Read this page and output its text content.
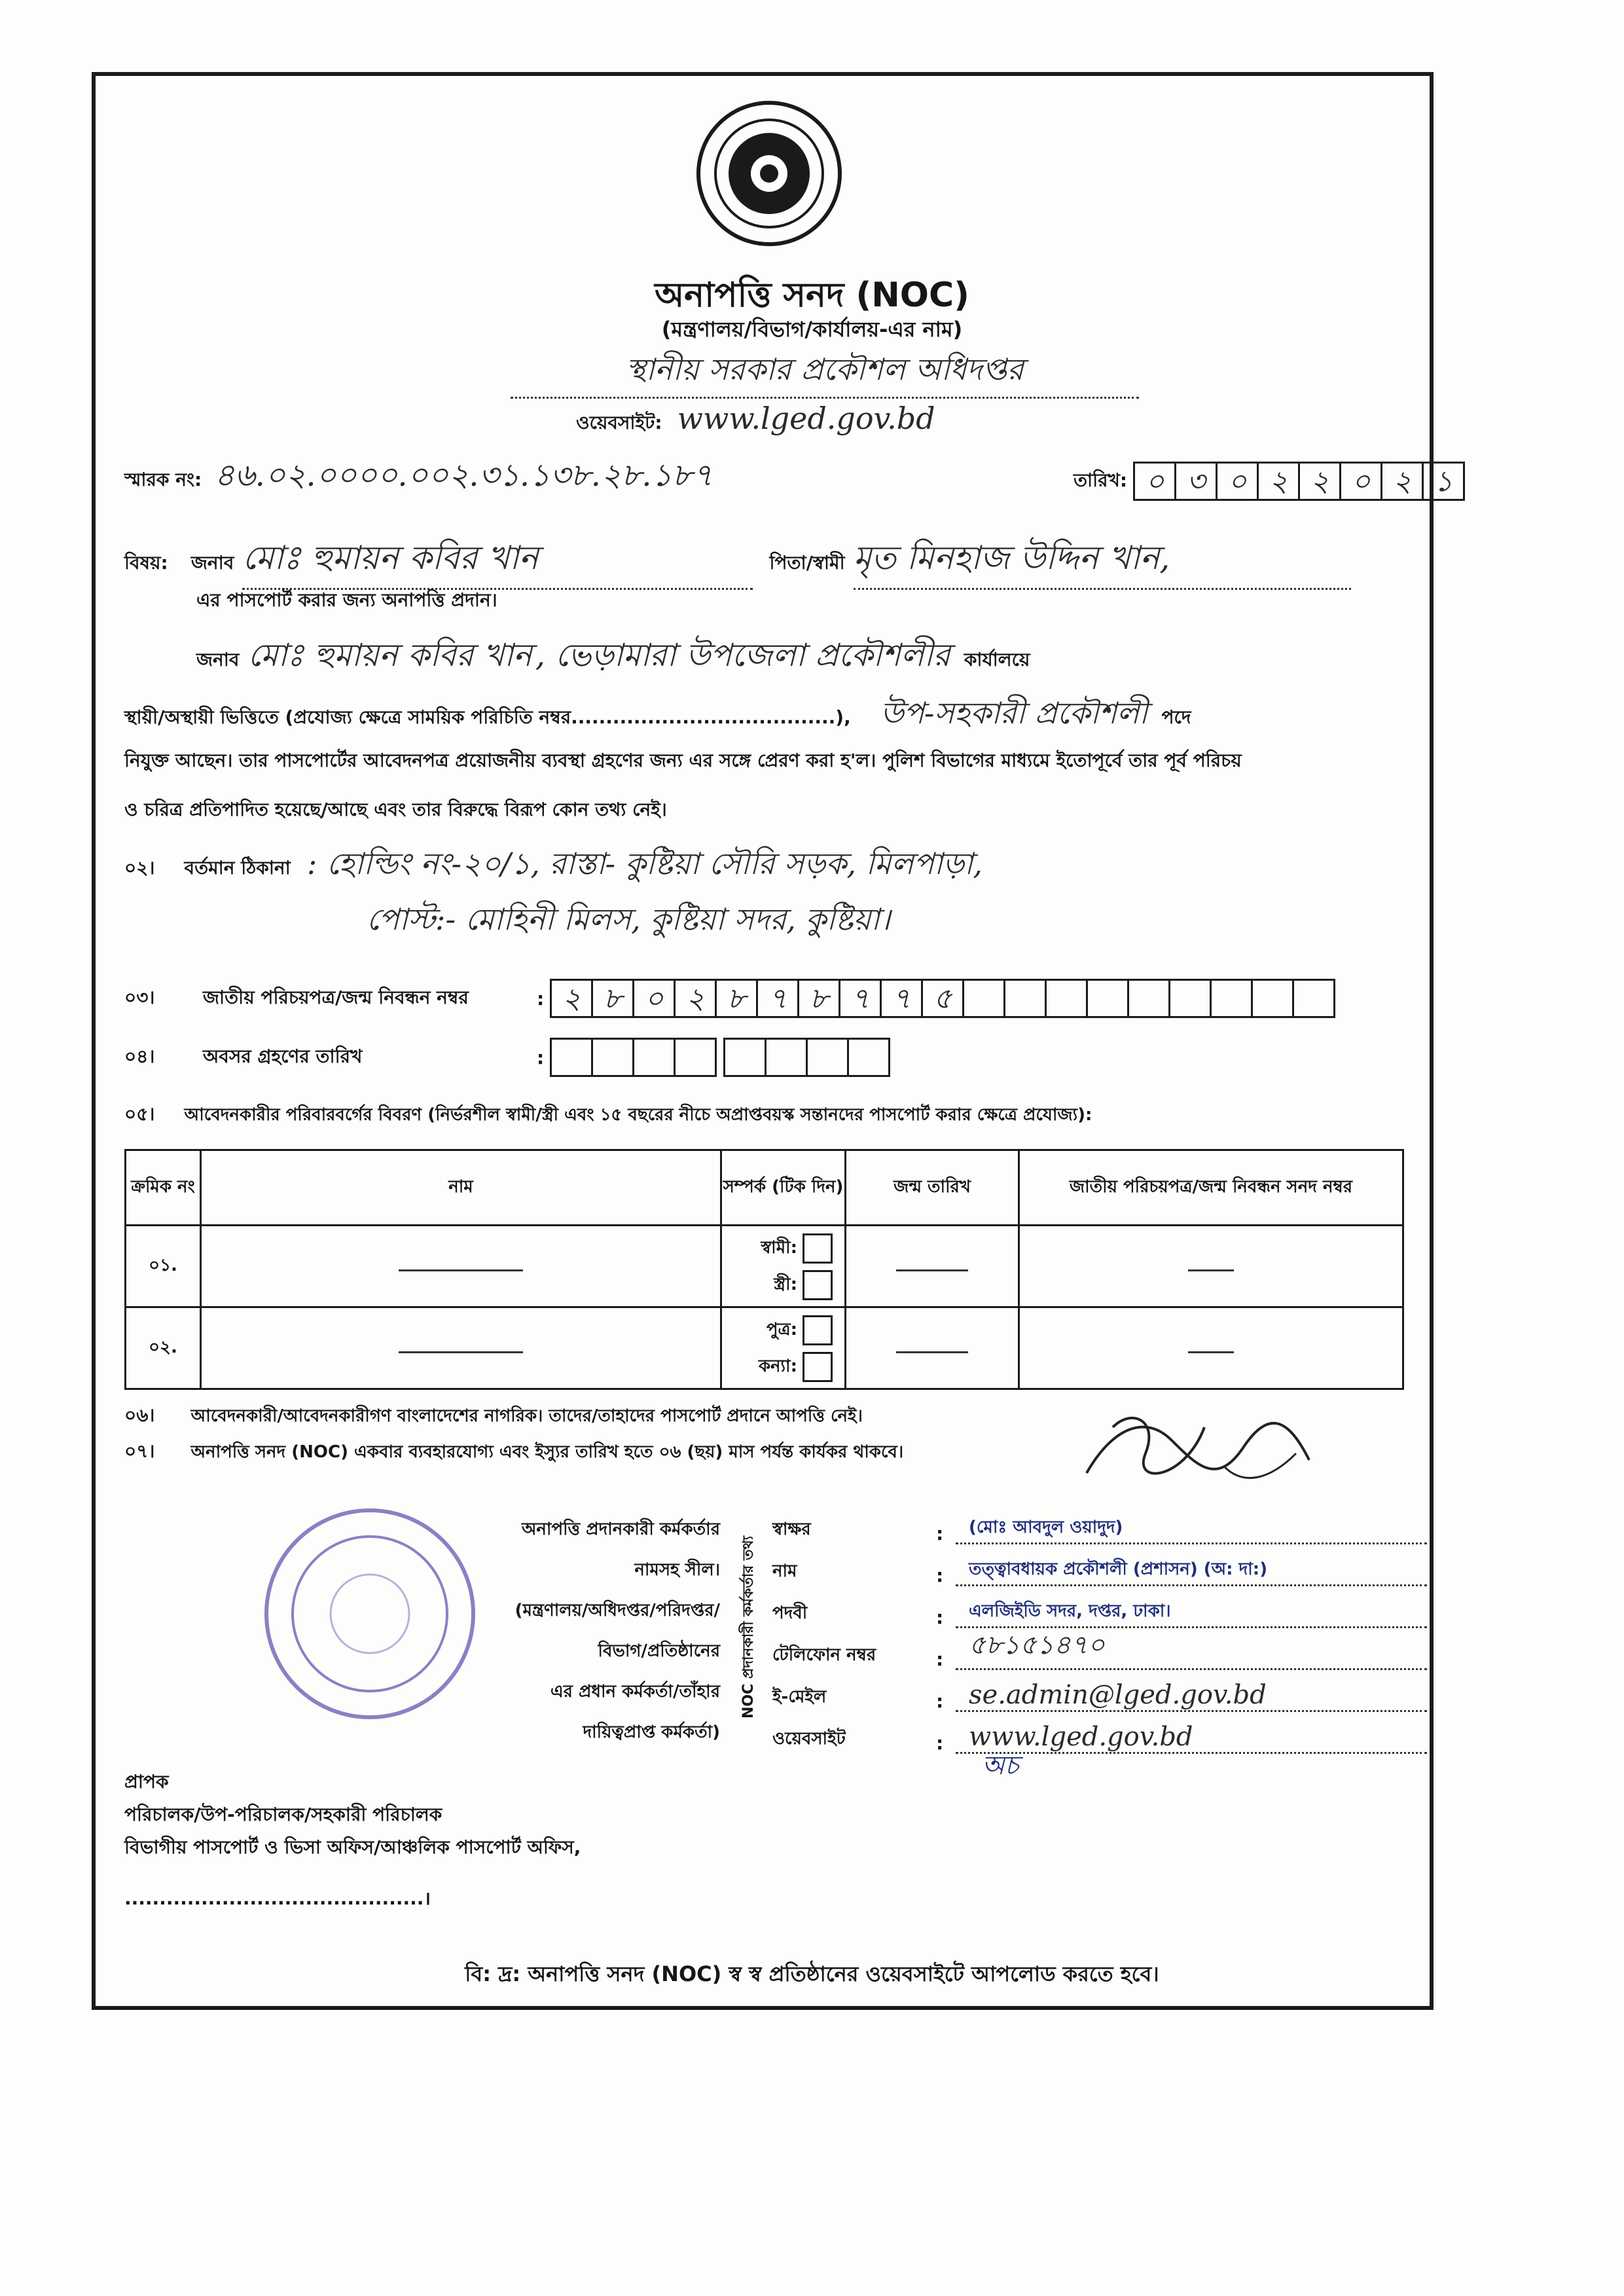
অনাপত্তি সনদ (NOC)
(মন্ত্রণালয়/বিভাগ/কার্যালয়-এর নাম)
স্থানীয় সরকার প্রকৌশল অধিদপ্তর
ওয়েবসাইট: www.lged.gov.bd
স্মারক নং: ৪৬.০২.০০০০.০০২.৩১.১৩৮.২৮.১৮৭	তারিখ: ০ ৩ ০ ২ ২ ০ ২ ১
বিষয়: জনাব মোঃ হুমায়ন কবির খান	পিতা/স্বামী মৃত মিনহাজ উদ্দিন খান,
এর পাসপোর্ট করার জন্য অনাপত্তি প্রদান।
জনাব মোঃ হুমায়ন কবির খান , ভেড়ামারা উপজেলা প্রকৌশলীর কার্যালয়ে
স্থায়ী/অস্থায়ী ভিত্তিতে (প্রযোজ্য ক্ষেত্রে সাময়িক পরিচিতি নম্বর......................................), উপ-সহকারী প্রকৌশলী পদে
নিযুক্ত আছেন। তার পাসপোর্টের আবেদনপত্র প্রয়োজনীয় ব্যবস্থা গ্রহণের জন্য এর সঙ্গে প্রেরণ করা হ'ল। পুলিশ বিভাগের মাধ্যমে ইতোপূর্বে তার পূর্ব পরিচয়
ও চরিত্র প্রতিপাদিত হয়েছে/আছে এবং তার বিরুদ্ধে বিরূপ কোন তথ্য নেই।
০২। বর্তমান ঠিকানা : হোল্ডিং নং-২০/১, রাস্তা- কুষ্টিয়া সৌরি সড়ক, মিলপাড়া,
পোস্ট:- মোহিনী মিলস, কুষ্টিয়া সদর, কুষ্টিয়া।
০৩।	জাতীয় পরিচয়পত্র/জন্ম নিবন্ধন নম্বর	: ২ ৮ ০ ২ ৮ ৭ ৮ ৭ ৭ ৫
০৪।	অবসর গ্রহণের তারিখ	:
০৫। আবেদনকারীর পরিবারবর্গের বিবরণ (নির্ভরশীল স্বামী/স্ত্রী এবং ১৫ বছরের নীচে অপ্রাপ্তবয়স্ক সন্তানদের পাসপোর্ট করার ক্ষেত্রে প্রযোজ্য):
ক্রমিক নং	নাম	সম্পর্ক (টিক দিন)	জন্ম তারিখ	জাতীয় পরিচয়পত্র/জন্ম নিবন্ধন সনদ নম্বর
০১.		স্বামী:
স্ত্রী:		
০২.		পুত্র:
কন্যা:		
০৬। আবেদনকারী/আবেদনকারীগণ বাংলাদেশের নাগরিক। তাদের/তাহাদের পাসপোর্ট প্রদানে আপত্তি নেই।
০৭। অনাপত্তি সনদ (NOC) একবার ব্যবহারযোগ্য এবং ইস্যুর তারিখ হতে ০৬ (ছয়) মাস পর্যন্ত কার্যকর থাকবে।
অনাপত্তি প্রদানকারী কর্মকর্তার
নামসহ সীল।
(মন্ত্রণালয়/অধিদপ্তর/পরিদপ্তর/
বিভাগ/প্রতিষ্ঠানের
এর প্রধান কর্মকর্তা/তাঁহার
দায়িত্বপ্রাপ্ত কর্মকর্তা)
NOC প্রদানকারী কর্মকর্তার তথ্য
স্বাক্ষর	:	(মোঃ আবদুল ওয়াদুদ)
নাম	:	তত্ত্বাবধায়ক প্রকৌশলী (প্রশাসন) (অ: দা:)
পদবী	:	এলজিইডি সদর, দপ্তর, ঢাকা।
টেলিফোন নম্বর	: ৫৮১৫১৪৭০
ই-মেইল	: se.admin@lged.gov.bd
ওয়েবসাইট	: www.lged.gov.bd
অচ
প্রাপক
পরিচালক/উপ-পরিচালক/সহকারী পরিচালক
বিভাগীয় পাসপোর্ট ও ভিসা অফিস/আঞ্চলিক পাসপোর্ট অফিস,
...........................................।
বি: দ্র: অনাপত্তি সনদ (NOC) স্ব স্ব প্রতিষ্ঠানের ওয়েবসাইটে আপলোড করতে হবে।
